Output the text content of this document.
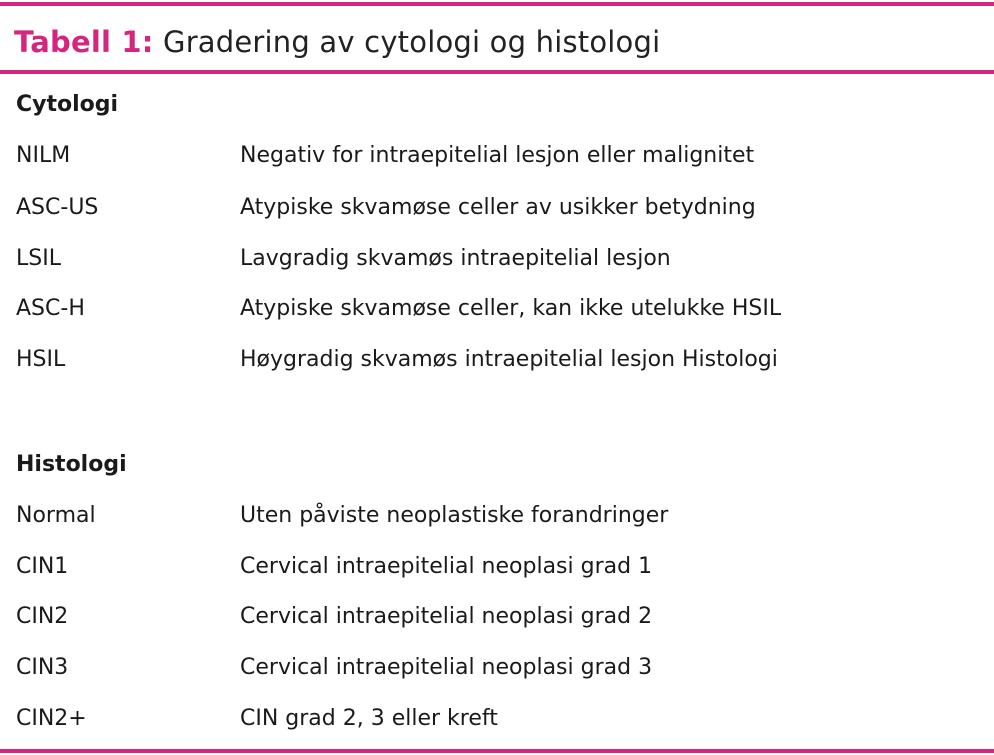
Tabell 1: Gradering av cytologi og histologi
Cytologi
NILM	Negativ for intraepitelial lesjon eller malignitet
ASC-US	Atypiske skvamøse celler av usikker betydning
LSIL	Lavgradig skvamøs intraepitelial lesjon
ASC-H	Atypiske skvamøse celler, kan ikke utelukke HSIL
HSIL	Høygradig skvamøs intraepitelial lesjon Histologi
Histologi
Normal	Uten påviste neoplastiske forandringer
CIN1	Cervical intraepitelial neoplasi grad 1
CIN2	Cervical intraepitelial neoplasi grad 2
CIN3	Cervical intraepitelial neoplasi grad 3
CIN2+	CIN grad 2, 3 eller kreft
